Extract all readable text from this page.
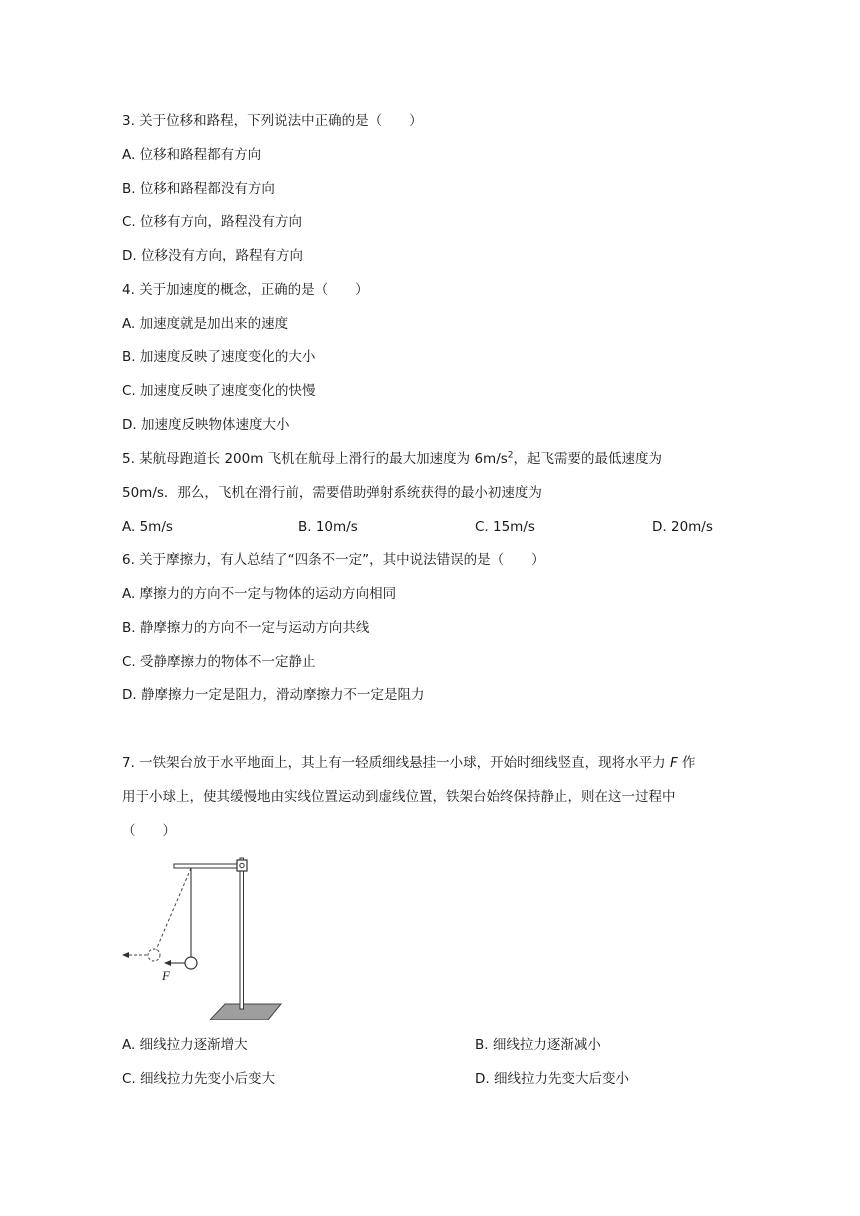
3. 关于位移和路程，下列说法中正确的是（　　）
A. 位移和路程都有方向
B. 位移和路程都没有方向
C. 位移有方向，路程没有方向
D. 位移没有方向，路程有方向
4. 关于加速度的概念，正确的是（　　）
A. 加速度就是加出来的速度
B. 加速度反映了速度变化的大小
C. 加速度反映了速度变化的快慢
D. 加速度反映物体速度大小
5. 某航母跑道长 200m 飞机在航母上滑行的最大加速度为 $6m/s^2$，起飞需要的最低速度为
50m/s．那么，飞机在滑行前，需要借助弹射系统获得的最小初速度为
A. 5m/s	B. 10m/s	C. 15m/s	D. 20m/s
6. 关于摩擦力，有人总结了“四条不一定”，其中说法错误的是（　　）
A. 摩擦力的方向不一定与物体的运动方向相同
B. 静摩擦力的方向不一定与运动方向共线
C. 受静摩擦力的物体不一定静止
D. 静摩擦力一定是阻力，滑动摩擦力不一定是阻力
7. 一铁架台放于水平地面上，其上有一轻质细线悬挂一小球，开始时细线竖直，现将水平力 F 作
用于小球上，使其缓慢地由实线位置运动到虚线位置，铁架台始终保持静止，则在这一过程中
（　　）
F
A. 细线拉力逐渐增大	B. 细线拉力逐渐减小
C. 细线拉力先变小后变大	D. 细线拉力先变大后变小
